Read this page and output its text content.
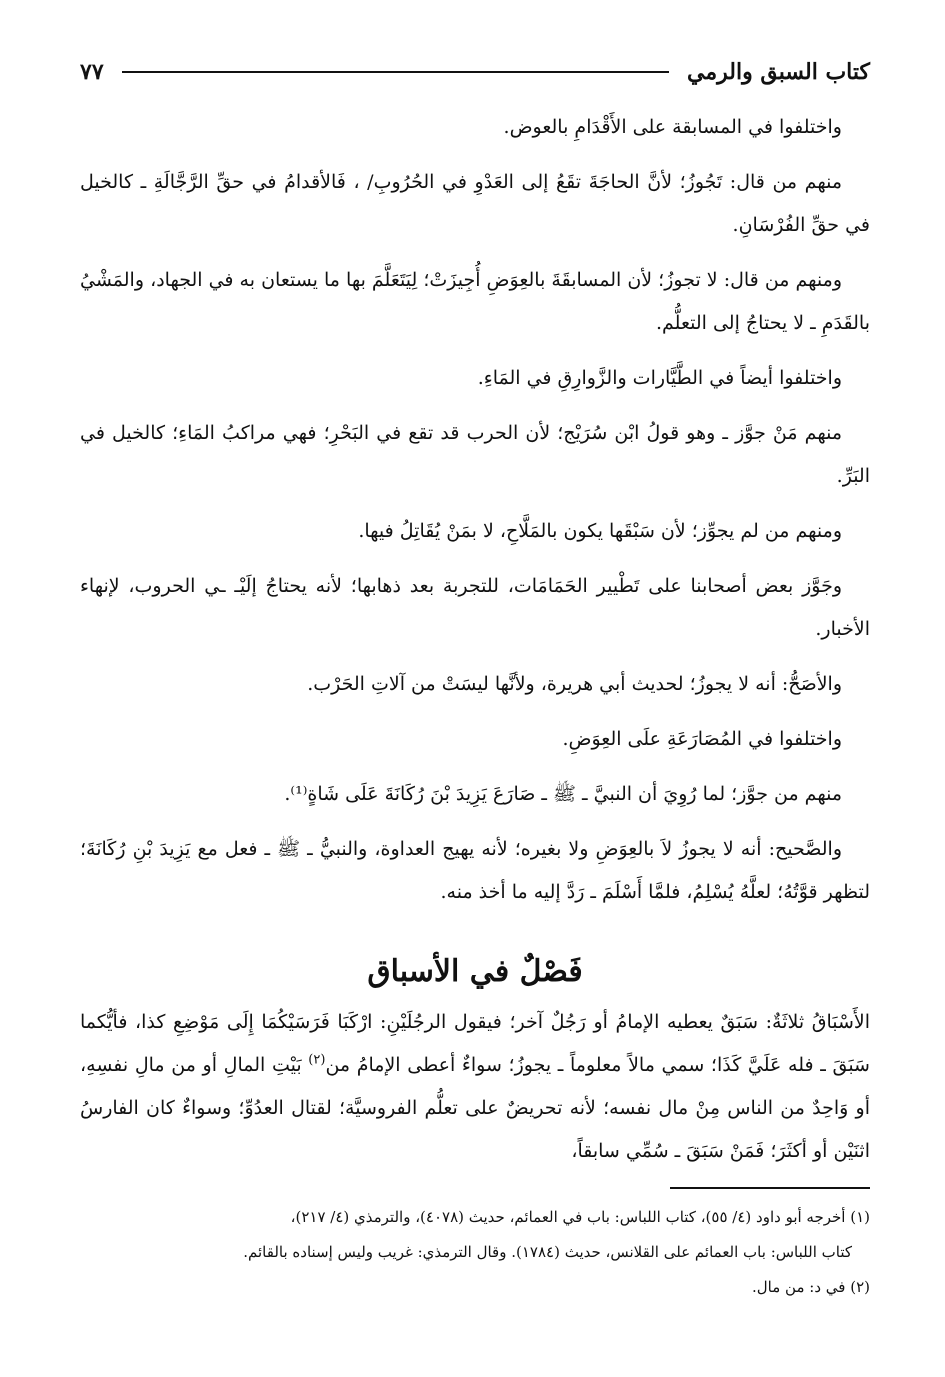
كتاب السبق والرمي
٧٧

واختلفوا في المسابقة على الأَقْدَامِ بالعوض.

منهم من قال: تَجُوزُ؛ لأنَّ الحاجَةَ تقَعُ إلى العَدْوِ في الحُرُوبِ/ ، فَالأقدامُ في حقِّ الرَّجَّالَةِ ـ كالخيل في حقِّ الفُرْسَانِ.

ومنهم من قال: لا تجوزُ؛ لأن المسابقَةَ بالعِوَضِ أُجِيزَتْ؛ لِيَتَعَلَّمَ بها ما يستعان به في الجهاد، والمَشْيُ بالقَدَمِ ـ لا يحتاجُ إلى التعلُّم.

واختلفوا أيضاً في الطَّيَّارات والزَّوارِقِ في المَاءِ.

منهم مَنْ جوَّز ـ وهو قولُ ابْن سُرَيْج؛ لأن الحرب قد تقع في البَحْرِ؛ فهي مراكبُ المَاءِ؛ كالخيل في البَرِّ.

ومنهم من لم يجوِّز؛ لأن سَبْقَها يكون بالمَلَّاحِ، لا بمَنْ يُقَاتِلُ فيها.

وجَوَّز بعض أصحابنا على تَطْيير الحَمَامَات، للتجربة بعد ذهابها؛ لأنه يحتاجُ إلَيْـ ـي الحروب، لإنهاء الأخبار.

والأصَحُّ: أنه لا يجوزُ؛ لحديث أبي هريرة، ولأنَّها ليسَتْ من آلاتِ الحَرْب.

واختلفوا في المُصَارَعَةِ علَى العِوَضِ.

منهم من جوَّز؛ لما رُوِيَ أن النبيَّ ـ ﷺ ـ صَارَعَ يَزِيدَ بْنَ رُكَانَةَ عَلَى شَاةٍ⁽¹⁾.

والصَّحيح: أنه لا يجوزُ لاَ بالعِوَضِ ولا بغيره؛ لأنه يهيج العداوة، والنبيُّ ـ ﷺ ـ فعل مع يَزِيدَ بْنِ رُكَانَةَ؛ لتظهر قوَّتُهُ؛ لعلَّهُ يُسْلِمُ، فلمَّا أَسْلَمَ ـ رَدَّ إليه ما أخذ منه.

فَصْلٌ في الأسباق

الأَسْبَاقُ ثلاثَةٌ: سَبَقٌ يعطيه الإمامُ أو رَجُلٌ آخر؛ فيقول الرجُلَيْنِ: ارْكَبَا فَرَسَيْكُمَا إِلَى مَوْضِعِ كذا، فأيُّكما سَبَقَ ـ فله عَلَيَّ كَذَا؛ سمي مالاً معلوماً ـ يجوزُ؛ سواءٌ أعطى الإمامُ من$^{(٢)}$ بَيْتِ المالِ أو من مالِ نفسِهِ، أو وَاحِدٌ من الناس مِنْ مال نفسه؛ لأنه تحريضٌ على تعلُّم الفروسيَّة؛ لقتال العدُوِّ؛ وسواءٌ كان الفارسُ اثنَيْن أو أكثَرَ؛ فَمَنْ سَبَقَ ـ سُمِّي سابقاً،

(١) أخرجه أبو داود (٤/ ٥٥)، كتاب اللباس: باب في العمائم، حديث (٤٠٧٨)، والترمذي (٤/ ٢١٧)،

كتاب اللباس: باب العمائم على القلانس، حديث (١٧٨٤). وقال الترمذي: غريب وليس إسناده بالقائم.

(٢) في د: من مال.
